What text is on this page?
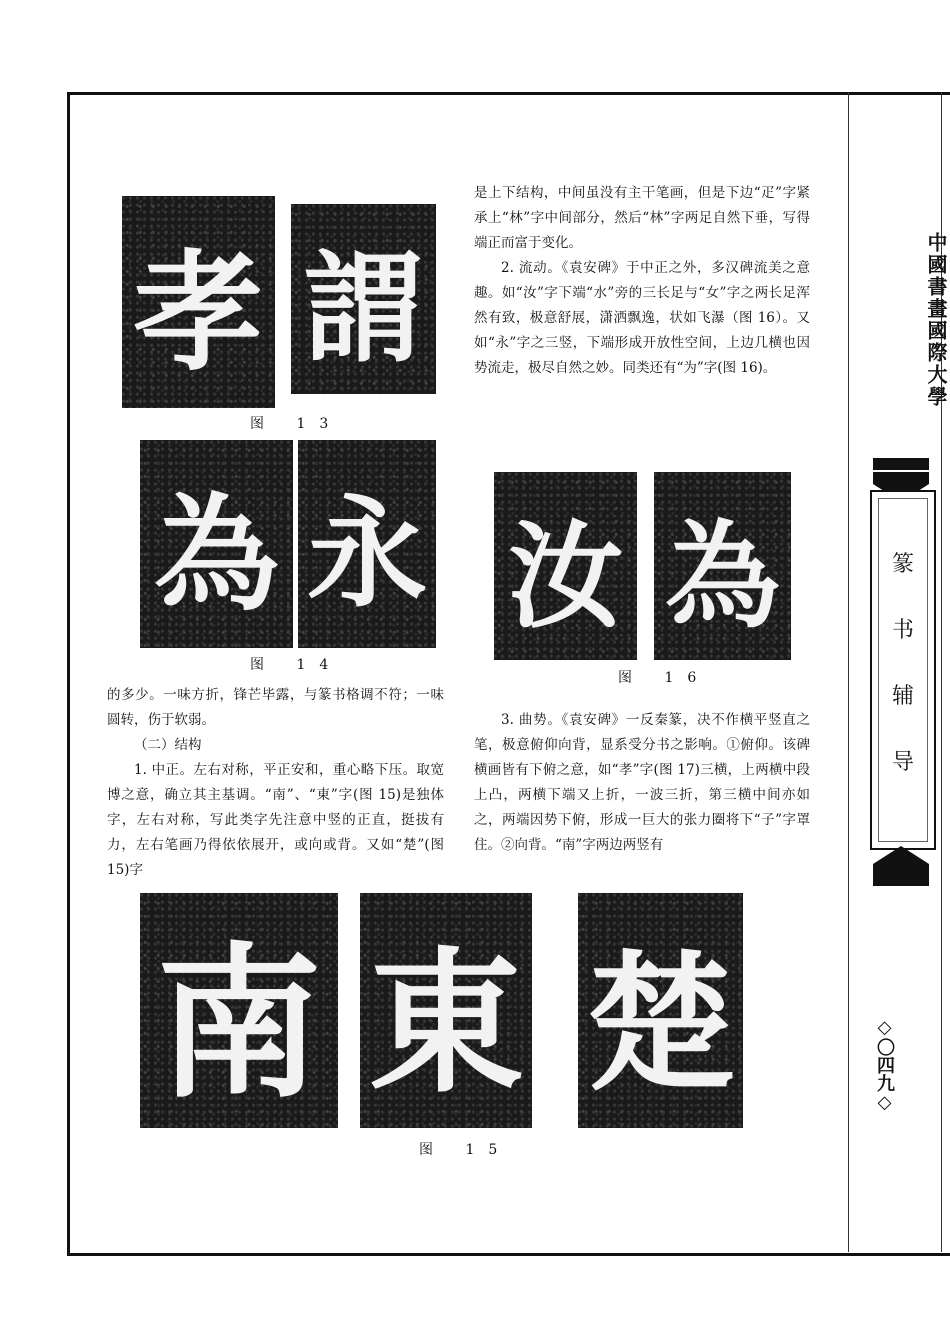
中國書畫國際大學
篆
书
辅
导
◇〇四九◇
孝 謂
图 13
為 永
图 14
汝 為
图 16
南 東 楚
图 15

是上下结构，中间虽没有主干笔画，但是下边“疋”字紧承上“林”字中间部分，然后“林”字两足自然下垂，写得端正而富于变化。

2. 流动。《袁安碑》于中正之外，多汉碑流美之意趣。如“汝”字下端“水”旁的三长足与“女”字之两长足浑然有致，极意舒展，潇洒飘逸，状如飞瀑（图 16）。又如“永”字之三竖，下端形成开放性空间，上边几横也因势流走，极尽自然之妙。同类还有“为”字(图 16)。

的多少。一味方折，锋芒毕露，与篆书格调不符；一味圆转，伤于软弱。

（二）结构

1. 中正。左右对称，平正安和，重心略下压。取宽博之意，确立其主基调。“南”、“東”字(图 15)是独体字，左右对称，写此类字先注意中竖的正直，挺拔有力，左右笔画乃得依依展开，或向或背。又如“楚”(图 15)字

3. 曲势。《袁安碑》一反秦篆，决不作横平竖直之笔，极意俯仰向背，显系受分书之影响。①俯仰。该碑横画皆有下俯之意，如“孝”字(图 17)三横，上两横中段上凸，两横下端又上折，一波三折，第三横中间亦如之，两端因势下俯，形成一巨大的张力圈将下“子”字罩住。②向背。“南”字两边两竖有
